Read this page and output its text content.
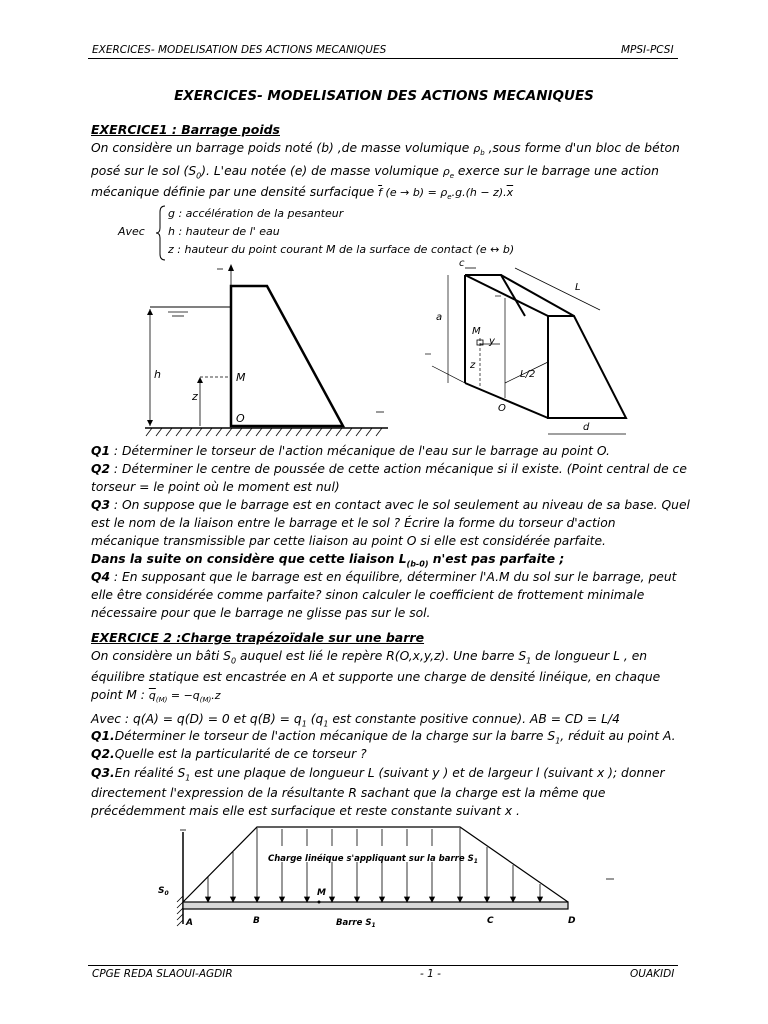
EXERCICES- MODELISATION DES ACTIONS MECANIQUES	MPSI-PCSI
EXERCICES- MODELISATION DES ACTIONS MECANIQUES
EXERCICE1 : Barrage poids
On considère un barrage poids noté (b) ,de masse volumique $\rho_b$ ,sous forme d'un bloc de béton
posé sur le sol $(S_0)$. L'eau notée (e) de masse volumique $\rho_e$ exerce sur le barrage une action
mécanique définie par une densité surfacique $\overline{f}$ $(e \to b) = \rho_e.g.(h - z).\overline{x}$
Avec
g : accélération de la pesanteur
h : hauteur de l' eau
z : hauteur du point courant M de la surface de contact (e ↔ b)
h
z
M
O
c
L
a
M
y
z
L/2
O
d
Q1 : Déterminer le torseur de l'action mécanique de l'eau sur le barrage au point O.
Q2 : Déterminer le centre de poussée de cette action mécanique si il existe. (Point central de ce
torseur = le point où le moment est nul)
Q3 : On suppose que le barrage est en contact avec le sol seulement au niveau de sa base. Quel
est le nom de la liaison entre le barrage et le sol ? Écrire la forme du torseur d'action
mécanique transmissible par cette liaison au point O si elle est considérée parfaite.
Dans la suite on considère que cette liaison $L_{(b-0)}$ n'est pas parfaite ;
Q4 : En supposant que le barrage est en équilibre, déterminer l'A.M du sol sur le barrage, peut
elle être considérée comme parfaite? sinon calculer le coefficient de frottement minimale
nécessaire pour que le barrage ne glisse pas sur le sol.
EXERCICE 2 :Charge trapézoïdale sur une barre
On considère un bâti $S_0$ auquel est lié le repère R(O,x,y,z). Une barre $S_1$ de longueur L , en
équilibre statique est encastrée en A et supporte une charge de densité linéique, en chaque
point M : $\overline{q}_{(M)} = -q_{(M)}.z$
Avec : q(A) = q(D) = 0 et $q(B) = q_1$ ($q_1$ est constante positive connue). AB = CD = L/4
Q1.Déterminer le torseur de l'action mécanique de la charge sur la barre $S_1$, réduit au point A.
Q2.Quelle est la particularité de ce torseur ?
Q3.En réalité $S_1$ est une plaque de longueur L (suivant y ) et de largeur l (suivant x ); donner
directement l'expression de la résultante R sachant que la charge est la même que
précédemment mais elle est surfacique et reste constante suivant x .
$S_0$
Charge linéique s'appliquant sur la barre $S_1$
M
A	B	C	D
Barre $S_1$
CPGE REDA SLAOUI-AGDIR	- 1 -	OUAKIDI
